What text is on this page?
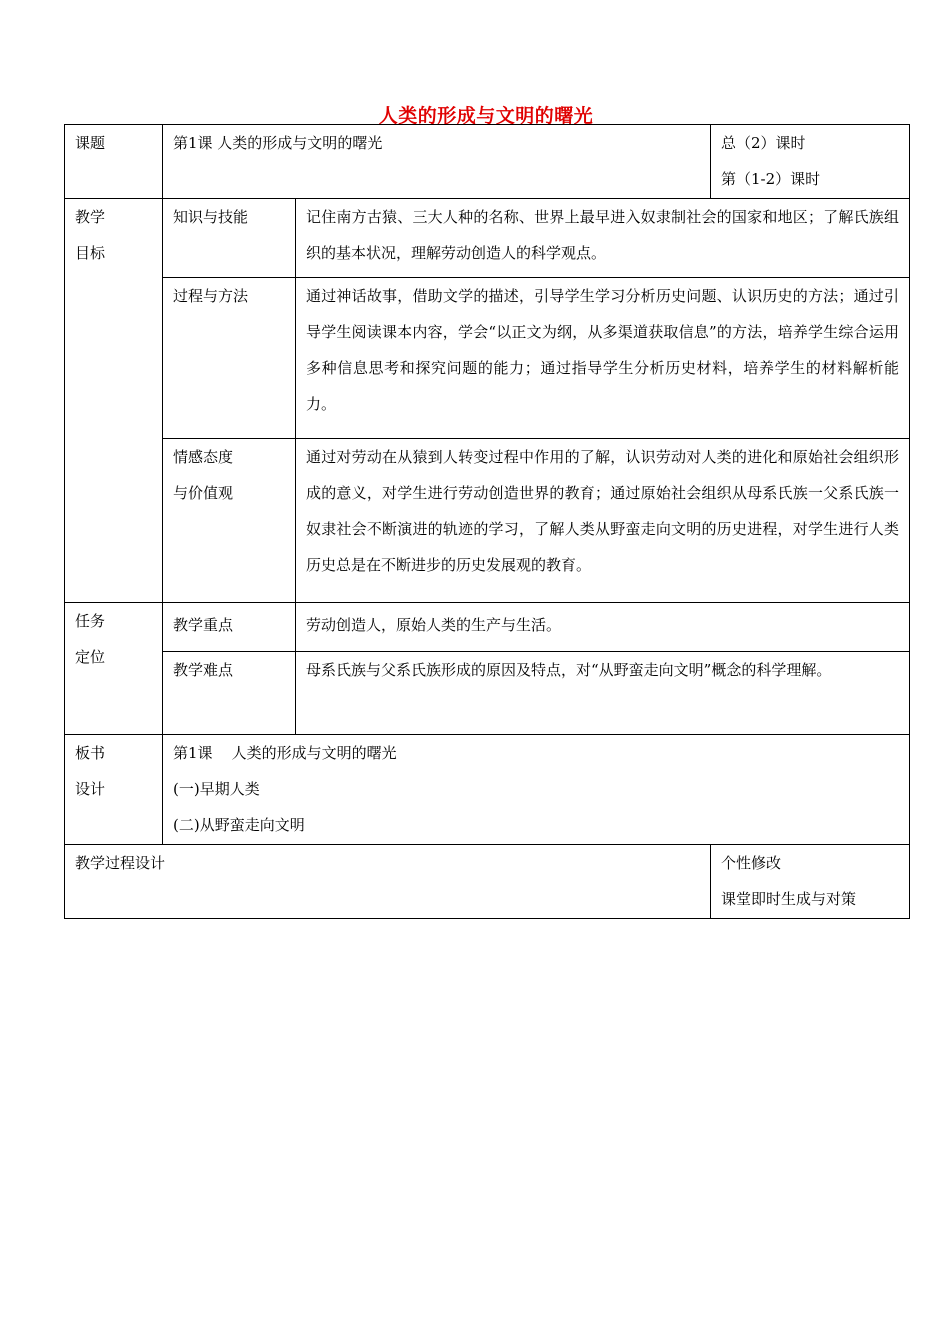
人类的形成与文明的曙光
课题	第1课 人类的形成与文明的曙光		总（2）课时
第（1-2）课时

教学
目标	知识与技能	记住南方古猿、三大人种的名称、世界上最早进入奴隶制社会的国家和地区；了解氏族组织的基本状况，理解劳动创造人的科学观点。	
	过程与方法	通过神话故事，借助文学的描述，引导学生学习分析历史问题、认识历史的方法；通过引导学生阅读课本内容，学会“以正文为纲，从多渠道获取信息”的方法，培养学生综合运用多种信息思考和探究问题的能力；通过指导学生分析历史材料，培养学生的材料解析能力。	

	情感态度
与价值观	通过对劳动在从猿到人转变过程中作用的了解，认识劳动对人类的进化和原始社会组织形成的意义，对学生进行劳动创造世界的教育；通过原始社会组织从母系氏族一父系氏族一奴隶社会不断演进的轨迹的学习，了解人类从野蛮走向文明的历史进程，对学生进行人类历史总是在不断进步的历史发展观的教育。	

任务
定位	教学重点	劳动创造人，原始人类的生产与生活。	
	教学难点	母系氏族与父系氏族形成的原因及特点，对“从野蛮走向文明”概念的科学理解。	

板书
设计	第1课    人类的形成与文明的曙光
(一)早期人类
(二)从野蛮走向文明		

教学过程设计			个性修改
课堂即时生成与对策
